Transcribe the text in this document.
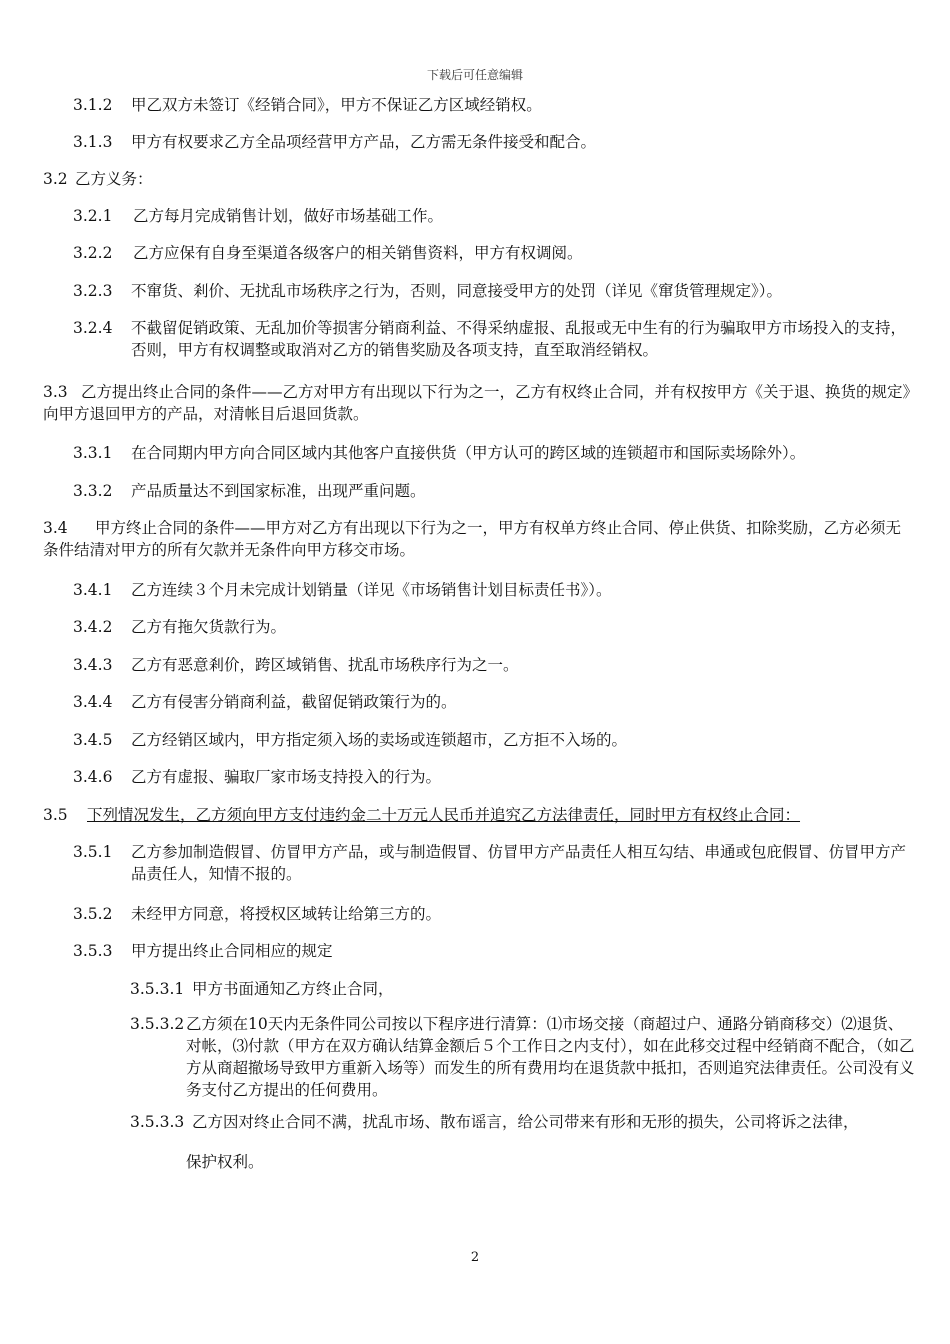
下载后可任意编辑
3.1.2	甲乙双方未签订《经销合同》，甲方不保证乙方区域经销权。
3.1.3	甲方有权要求乙方全品项经营甲方产品，乙方需无条件接受和配合。
3.2 乙方义务：
3.2.1	乙方每月完成销售计划，做好市场基础工作。
3.2.2	乙方应保有自身至渠道各级客户的相关销售资料，甲方有权调阅。
3.2.3	不窜货、剎价、无扰乱市场秩序之行为，否则，同意接受甲方的处罚（详见《窜货管理规定》）。
3.2.4	不截留促销政策、无乱加价等损害分销商利益、不得采纳虚报、乱报或无中生有的行为骗取甲方市场投入的支持，否则，甲方有权调整或取消对乙方的销售奖励及各项支持，直至取消经销权。
3.3 乙方提出终止合同的条件——乙方对甲方有出现以下行为之一，乙方有权终止合同，并有权按甲方《关于退、换货的规定》向甲方退回甲方的产品，对清帐目后退回货款。
3.3.1	在合同期内甲方向合同区域内其他客户直接供货（甲方认可的跨区域的连锁超市和国际卖场除外）。
3.3.2	产品质量达不到国家标准，出现严重问题。
3.4	甲方终止合同的条件——甲方对乙方有出现以下行为之一，甲方有权单方终止合同、停止供货、扣除奖励，乙方必须无条件结清对甲方的所有欠款并无条件向甲方移交市场。
3.4.1	乙方连续３个月未完成计划销量（详见《市场销售计划目标责任书》）。
3.4.2	乙方有拖欠货款行为。
3.4.3	乙方有恶意剎价，跨区域销售、扰乱市场秩序行为之一。
3.4.4	乙方有侵害分销商利益，截留促销政策行为的。
3.4.5	乙方经销区域内，甲方指定须入场的卖场或连锁超市，乙方拒不入场的。
3.4.6	乙方有虚报、骗取厂家市场支持投入的行为。
3.5	下列情况发生，乙方须向甲方支付违约金二十万元人民币并追究乙方法律责任，同时甲方有权终止合同：
3.5.1	乙方参加制造假冒、仿冒甲方产品，或与制造假冒、仿冒甲方产品责任人相互勾结、串通或包庇假冒、仿冒甲方产品责任人，知情不报的。
3.5.2	未经甲方同意，将授权区域转让给第三方的。
3.5.3	甲方提出终止合同相应的规定
3.5.3.1 甲方书面通知乙方终止合同，
3.5.3.2 乙方须在10天内无条件同公司按以下程序进行清算：⑴市场交接（商超过户、通路分销商移交）⑵退货、对帐，⑶付款（甲方在双方确认结算金额后５个工作日之内支付），如在此移交过程中经销商不配合，（如乙方从商超撤场导致甲方重新入场等）而发生的所有费用均在退货款中抵扣，否则追究法律责任。公司没有义务支付乙方提出的任何费用。
3.5.3.3 乙方因对终止合同不满，扰乱市场、散布谣言，给公司带来有形和无形的损失，公司将诉之法律，
保护权利。
2
